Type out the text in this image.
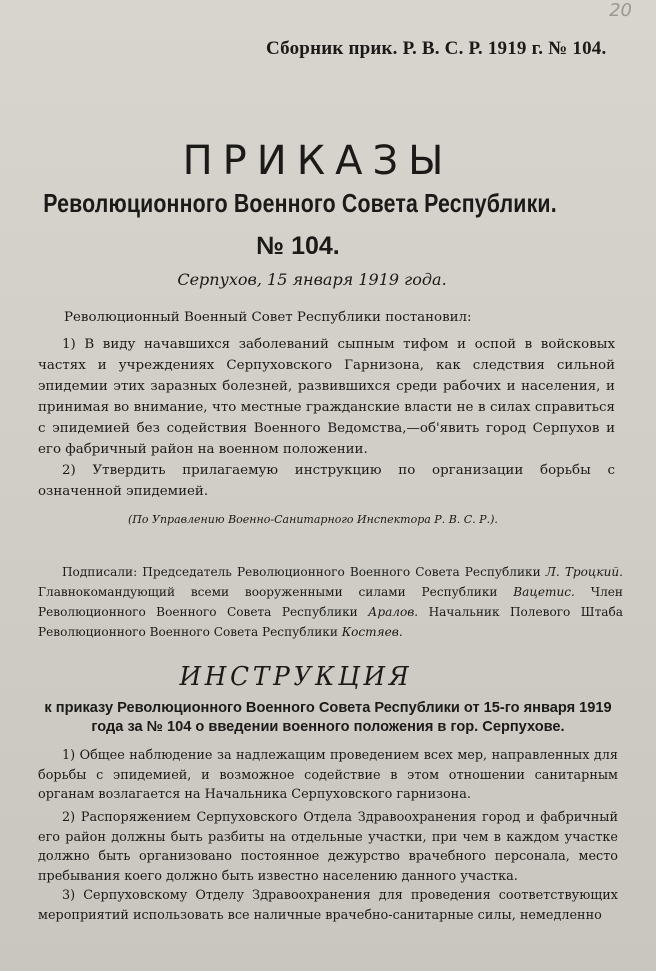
20
Сборник прик. Р. В. С. Р. 1919 г. № 104.
ПРИКАЗЫ
Революционного Военного Совета Республики.
№ 104.
Серпухов, 15 января 1919 года.
Революционный Военный Совет Республики постановил:
1) В виду начавшихся заболеваний сыпным тифом и оспой в войсковых частях и учреждениях Серпуховского Гарнизона, как следствия сильной эпидемии этих заразных болезней, развившихся среди рабочих и населения, и принимая во внимание, что местные гражданские власти не в силах справиться с эпидемией без содействия Военного Ведомства,—об'явить город Серпухов и его фабричный район на военном положении.
2) Утвердить прилагаемую инструкцию по организации борьбы с означенной эпидемией.
(По Управлению Военно-Санитарного Инспектора Р. В. С. Р.).
Подписали: Председатель Революционного Военного Совета Республики Л. Троцкий. Главнокомандующий всеми вооруженными силами Республики Вацетис. Член Революционного Военного Совета Республики Аралов. Начальник Полевого Штаба Революционного Военного Совета Республики Костяев.
ИНСТРУКЦИЯ
к приказу Революционного Военного Совета Республики от 15-го января 1919 года за № 104 о введении военного положения в гор. Серпухове.
1) Общее наблюдение за надлежащим проведением всех мер, направленных для борьбы с эпидемией, и возможное содействие в этом отношении санитарным органам возлагается на Начальника Серпуховского гарнизона.
2) Распоряжением Серпуховского Отдела Здравоохранения город и фабричный его район должны быть разбиты на отдельные участки, при чем в каждом участке должно быть организовано постоянное дежурство врачебного персонала, место пребывания коего должно быть известно населению данного участка.
3) Серпуховскому Отделу Здравоохранения для проведения соответствующих мероприятий использовать все наличные врачебно-санитарные силы, немедленно
